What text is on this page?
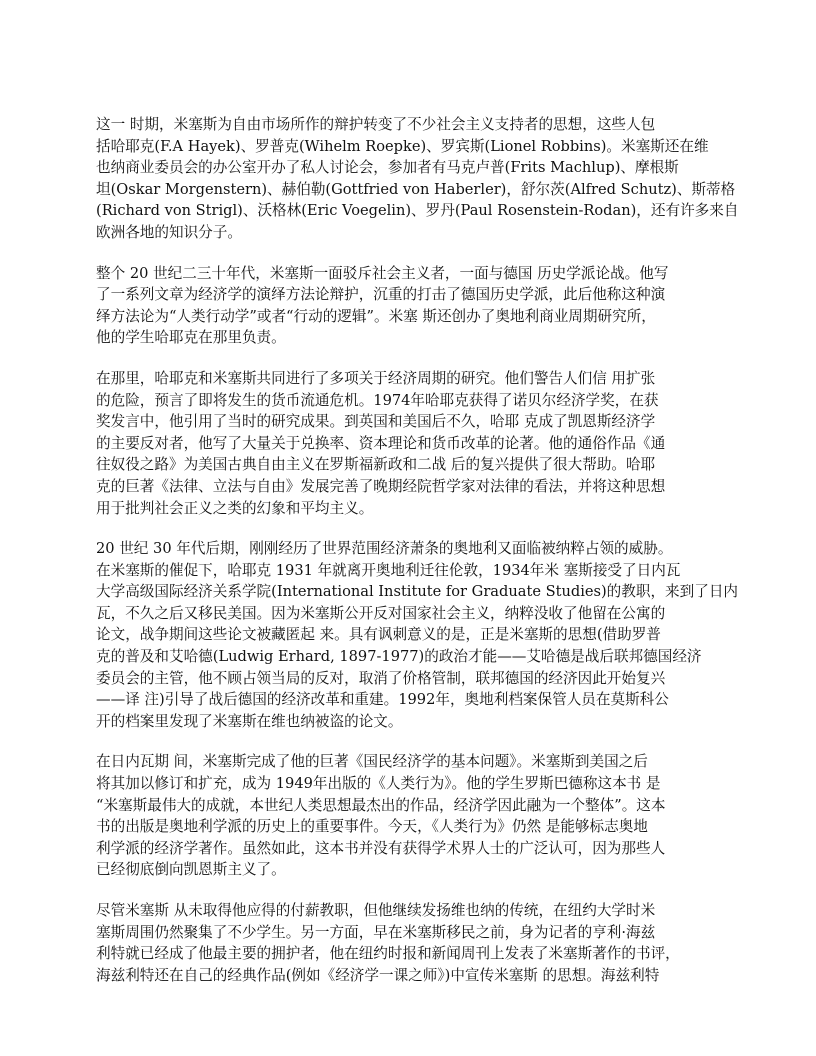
这一 时期，米塞斯为自由市场所作的辩护转变了不少社会主义支持者的思想，这些人包
括哈耶克(F.A Hayek)、罗普克(Wihelm Roepke)、罗宾斯(Lionel Robbins)。米塞斯还在维
也纳商业委员会的办公室开办了私人讨论会，参加者有马克卢普(Frits Machlup)、摩根斯
坦(Oskar Morgenstern)、赫伯勒(Gottfried von Haberler)，舒尔茨(Alfred Schutz)、斯蒂格
(Richard von Strigl)、沃格林(Eric Voegelin)、罗丹(Paul Rosenstein-Rodan)，还有许多来自
欧洲各地的知识分子。
整个 20 世纪二三十年代，米塞斯一面驳斥社会主义者，一面与德国 历史学派论战。他写
了一系列文章为经济学的演绎方法论辩护，沉重的打击了德国历史学派，此后他称这种演
绎方法论为“人类行动学”或者“行动的逻辑”。米塞 斯还创办了奥地利商业周期研究所，
他的学生哈耶克在那里负责。
在那里，哈耶克和米塞斯共同进行了多项关于经济周期的研究。他们警告人们信 用扩张
的危险，预言了即将发生的货币流通危机。1974年哈耶克获得了诺贝尔经济学奖，在获
奖发言中，他引用了当时的研究成果。到英国和美国后不久，哈耶 克成了凯恩斯经济学
的主要反对者，他写了大量关于兑换率、资本理论和货币改革的论著。他的通俗作品《通
往奴役之路》为美国古典自由主义在罗斯福新政和二战 后的复兴提供了很大帮助。哈耶
克的巨著《法律、立法与自由》发展完善了晚期经院哲学家对法律的看法，并将这种思想
用于批判社会正义之类的幻象和平均主义。
20 世纪 30 年代后期，刚刚经历了世界范围经济萧条的奥地利又面临被纳粹占领的威胁。
在米塞斯的催促下，哈耶克 1931 年就离开奥地利迁往伦敦，1934年米 塞斯接受了日内瓦
大学高级国际经济关系学院(International Institute for Graduate Studies)的教职，来到了日内
瓦，不久之后又移民美国。因为米塞斯公开反对国家社会主义，纳粹没收了他留在公寓的
论文，战争期间这些论文被藏匿起 来。具有讽刺意义的是，正是米塞斯的思想(借助罗普
克的普及和艾哈德(Ludwig Erhard, 1897-1977)的政治才能——艾哈德是战后联邦德国经济
委员会的主管，他不顾占领当局的反对，取消了价格管制，联邦德国的经济因此开始复兴
——译 注)引导了战后德国的经济改革和重建。1992年，奥地利档案保管人员在莫斯科公
开的档案里发现了米塞斯在维也纳被盗的论文。
在日内瓦期 间，米塞斯完成了他的巨著《国民经济学的基本问题》。米塞斯到美国之后
将其加以修订和扩充，成为 1949年出版的《人类行为》。他的学生罗斯巴德称这本书 是
“米塞斯最伟大的成就，本世纪人类思想最杰出的作品，经济学因此融为一个整体”。这本
书的出版是奥地利学派的历史上的重要事件。今天，《人类行为》仍然 是能够标志奥地
利学派的经济学著作。虽然如此，这本书并没有获得学术界人士的广泛认可，因为那些人
已经彻底倒向凯恩斯主义了。
尽管米塞斯 从未取得他应得的付薪教职，但他继续发扬维也纳的传统，在纽约大学时米
塞斯周围仍然聚集了不少学生。另一方面，早在米塞斯移民之前，身为记者的亨利·海兹
利特就已经成了他最主要的拥护者，他在纽约时报和新闻周刊上发表了米塞斯著作的书评，
海兹利特还在自己的经典作品(例如《经济学一课之师》)中宣传米塞斯 的思想。海兹利特
